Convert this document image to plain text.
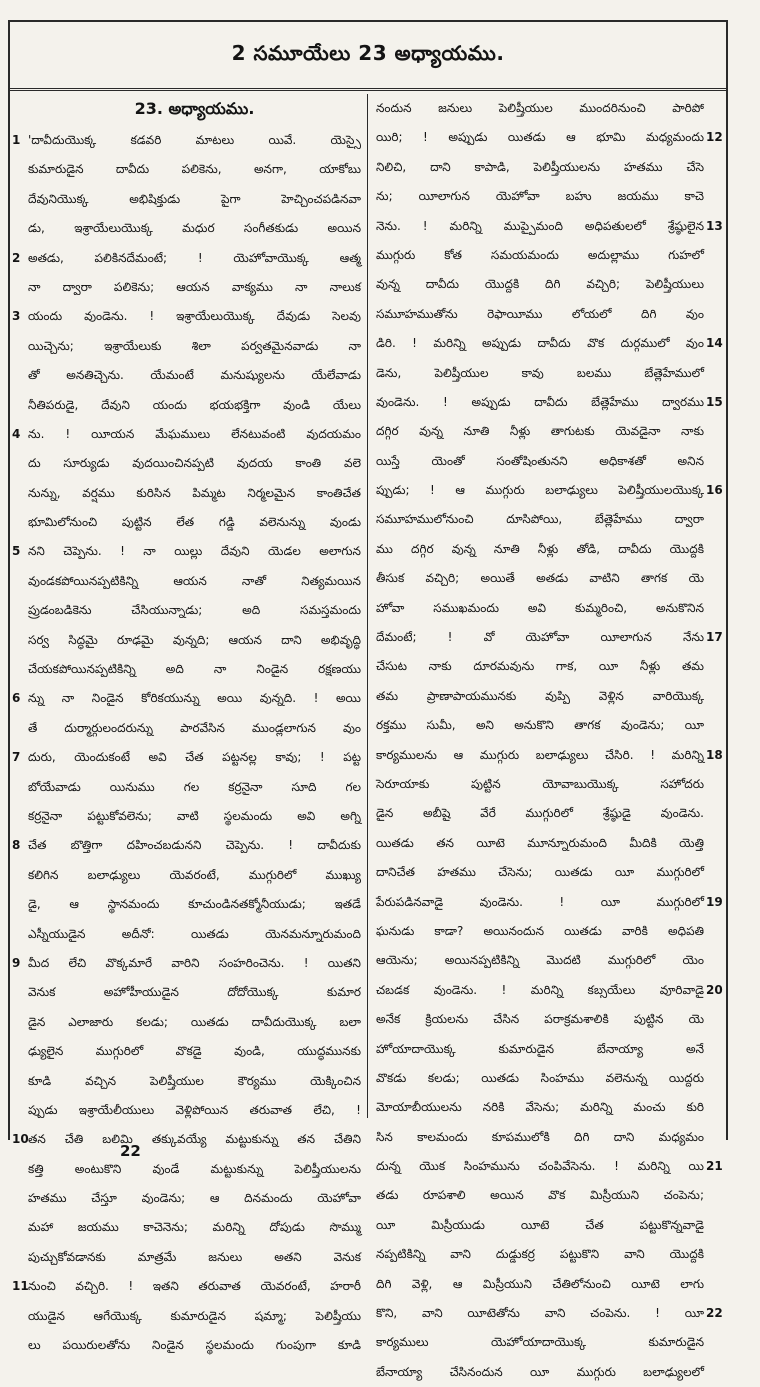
2 సమూయేలు 23 అధ్యాయము.
23. అధ్యాయము.
1 'దావీదుయొక్క కడవరి మాటలు యివే. యెస్సై
కుమారుడైన దావీదు పలికెను, అనగా, యాకోబు
దేవునియొక్క అభిషిక్తుడు పైగా హెచ్చించపడినవా
డు, ఇశ్రాయేలుయొక్క మధుర సంగీతకుడు అయిన
2 అతడు, పలికినదేమంటే; ! యెహోవాయొక్క ఆత్మ
నా ద్వారా పలికెను; ఆయన వాక్యము నా నాలుక
3 యందు వుండెను. ! ఇశ్రాయేలుయొక్క దేవుడు సెలవు
యిచ్చెను; ఇశ్రాయేలుకు శిలా పర్వతమైనవాడు నా
తో అనతిచ్చెను. యేమంటే మనుష్యులను యేలేవాడు
నీతిపరుడై, దేవుని యందు భయభక్తిగా వుండి యేలు
4 ను. ! యీయన మేఘములు లేనటువంటి వుదయమం
దు సూర్యుడు వుదయించినప్పటి వుదయ కాంతి వలె
నున్ను, వర్షము కురిసిన పిమ్మట నిర్మలమైన కాంతిచేత
భూమిలోనుంచి పుట్టిన లేత గడ్డి వలెనున్ను వుండు
5 నని చెప్పెను. ! నా యిల్లు దేవుని యెడల అలాగున
వుండకపోయినప్పటికిన్ని ఆయన నాతో నిత్యమయిన
ప్రుడంబడికెను చేసియున్నాడు; అది సమస్తమందు
సర్వ సిద్ధమై రూఢమై వున్నది; ఆయన దాని అభివృద్ధి
చేయకపోయినప్పటికిన్ని అది నా నిండైన రక్షణయు
6 న్ను నా నిండైన కోరికయున్ను అయి వున్నది. ! అయి
తే దుర్మార్గులందరున్ను పారవేసిన ముండ్లలాగున వుం
7 దురు, యెందుకంటే అవి చేత పట్టనల్ల కావు; ! పట్ట
బోయేవాడు యినుము గల కర్రనైనా సూది గల
కర్రనైనా పట్టుకోవలెను; వాటి స్థలమందు అవి అగ్ని
8 చేత బొత్తిగా దహించబడునని చెప్పెను. ! దావీదుకు
కలిగిన బలాఢ్యులు యెవరంటే, ముగ్గురిలో ముఖ్యు
డై, ఆ స్థానమందు కూచుండినతక్మోనీయుడు; ఇతడే
ఎస్నీయుడైన అదీనో: యితడు యెనమన్నూరుమంది
9 మీద లేచి వొక్కమారే వారిని సంహరించెను. ! యితని
వెనుక అహోహీయుడైన దోదోయొక్క కుమార
డైన ఎలాజారు కలడు; యితడు దావీదుయొక్క బలా
ఢ్యులైన ముగ్గురిలో వొకడై వుండి, యుద్ధమునకు
కూడి వచ్చిన పెలిష్తీయుల కౌర్యము యెక్కించిన
ప్పుడు ఇశ్రాయేలీయులు వెళ్లిపోయిన తరువాత లేచి, !
10 తన చేతి బలిమి తక్కువయ్యే మట్టుకున్ను తన చేతిని
కత్తి అంటుకొని వుండే మట్టుకున్ను పెలిష్తీయులను
హతము చేస్తూ వుండెను; ఆ దినమందు యెహోవా
మహా జయము కాచెనెను; మరిన్ని దోపుడు సొమ్ము
పుచ్చుకోవడానకు మాత్రమే జనులు అతని వెనుక
11 నుంచి వచ్చిరి. ! ఇతని తరువాత యెవరంటే, హరారీ
యుడైన ఆగేయొక్క కుమారుడైన షమ్మా; పెలిష్తీయు
లు పయిరులతోను నిండైన స్థలమందు గుంపుగా కూడి
నందున జనులు పెలిష్తీయుల ముందరినుంచి పారిపో
12
యిరి; ! అప్పుడు యితడు ఆ భూమి మధ్యమందు
నిలిచి, దాని కాపాడి, పెలిష్తీయులను హతము చేసె
ను; యీలాగున యెహోవా బహు జయము కాచె
13
నెను. ! మరిన్ని ముప్పైమంది అధిపతులలో శ్రేష్ఠులైన
ముగ్గురు కోత సమయమందు అదుల్లాము గుహలో
వున్న దావీదు యొద్దకి దిగి వచ్చిరి; పెలిష్తీయులు
సమూహముతోను రెఫాయీము లోయలో దిగి వుం
14
డిరి. ! మరిన్ని అప్పుడు దావీదు వొక దుర్గములో వుం
డెను, పెలిష్తీయుల కావు బలము బేత్లెహేములో
15
వుండెను. ! అప్పుడు దావీదు బేత్లెహేము ద్వారము
దగ్గిర వున్న నూతి నీళ్లు తాగుటకు యెవడైనా నాకు
యిస్తే యెంతో సంతోషింతునని అధికాశతో అనిన
16
ప్పుడు; ! ఆ ముగ్గురు బలాఢ్యులు పెలిష్తీయులయొక్క
సమూహములోనుంచి దూసిపోయి, బేత్లెహేము ద్వారా
ము దగ్గిర వున్న నూతి నీళ్లు తోడి, దావీదు యొద్దకి
తీసుక వచ్చిరి; అయితే అతడు వాటిని తాగక యె
హోవా సముఖమందు అవి కుమ్మరించి, అనుకొనిన
17
దేమంటే; ! వో యెహోవా యీలాగున నేను
చేసుట నాకు దూరమవును గాక, యీ నీళ్లు తమ
తమ ప్రాణాపాయమునకు వుప్పి వెళ్లిన వారియొక్క
రక్తము సుమీ, అని అనుకొని తాగక వుండెను; యీ
18
కార్యములను ఆ ముగ్గురు బలాఢ్యులు చేసిరి. ! మరిన్ని
సెరూయాకు పుట్టిన యోవాబుయొక్క సహోదరు
డైన అబీషై వేరే ముగ్గురిలో శ్రేష్ఠుడై వుండెను.
యితడు తన యీటె మూన్నూరుమంది మీదికి యెత్తి
దానిచేత హతము చేసెను; యితడు యీ ముగ్గురిలో
19
పేరుపడినవాడై వుండెను. ! యీ ముగ్గురిలో
ఘనుడు కాడా? అయినందున యితడు వారికి అధిపతి
ఆయెను; అయినప్పటికిన్ని మొదటి ముగ్గురిలో యెం
20
చబడక వుండెను. ! మరిన్ని కబ్సయేలు వూరివాడై
అనేక క్రియలను చేసిన పరాక్రమశాలికి పుట్టిన యె
హోయాదాయొక్క కుమారుడైన బేనాయ్యా అనే
వొకడు కలడు; యితడు సింహము వలెనున్న యిద్దరు
మోయాబీయులను నరికి వేసెను; మరిన్ని మంచు కురి
సిన కాలమందు కూపములోకి దిగి దాని మధ్యమం
21
దున్న యొక సింహమును చంపివేసెను. ! మరిన్ని యి
తడు రూపశాలి అయిన వొక మిస్రీయుని చంపెను;
యీ మిస్రీయుడు యీటె చేత పట్టుకొన్నవాడై
నప్పటికిన్ని వాని దుడ్డుకర్ర పట్టుకొని వాని యొద్దకి
దిగి వెళ్లి, ఆ మిస్రీయుని చేతిలోనుంచి యీటె లాగు
22
కొని, వాని యీటెతోను వాని చంపెను. ! యీ
కార్యములు యెహోయాదాయొక్క కుమారుడైన
బేనాయ్యా చేసినందున యీ ముగ్గురు బలాఢ్యులలో
22
